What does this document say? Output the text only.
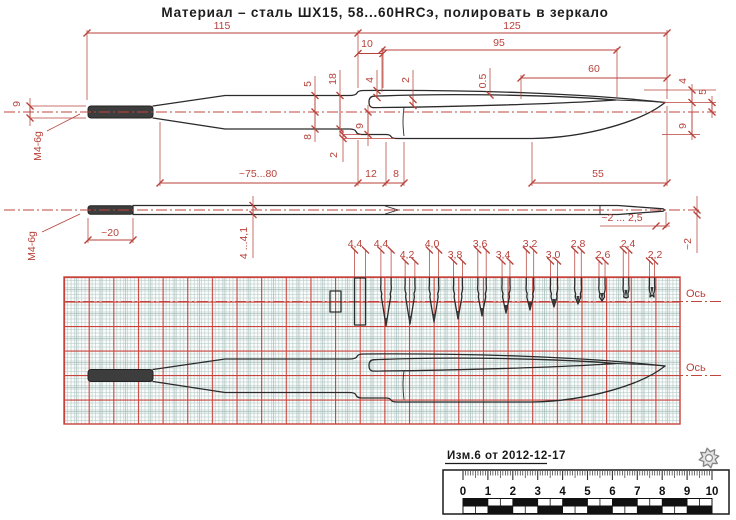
Материал – сталь ШХ15, 58...60HRCэ, полировать в зеркало
Ось
Ось
115	125
95
10
60
0.5
2
4
18
5
8
9
2
~75...80	12 8	55
9
M4-6g
4
5
9
~20	4 ...4,1
~2 ... 2,5
~2
M4-6g	4,4 4,4
4,2
4,0
3,8
3,6
3,4
3,2
3,0
2,8
2,6
2,4
2,2
Изм.6 от 2012-12-17
0 1 2 3 4 5 6 7 8 9 10
